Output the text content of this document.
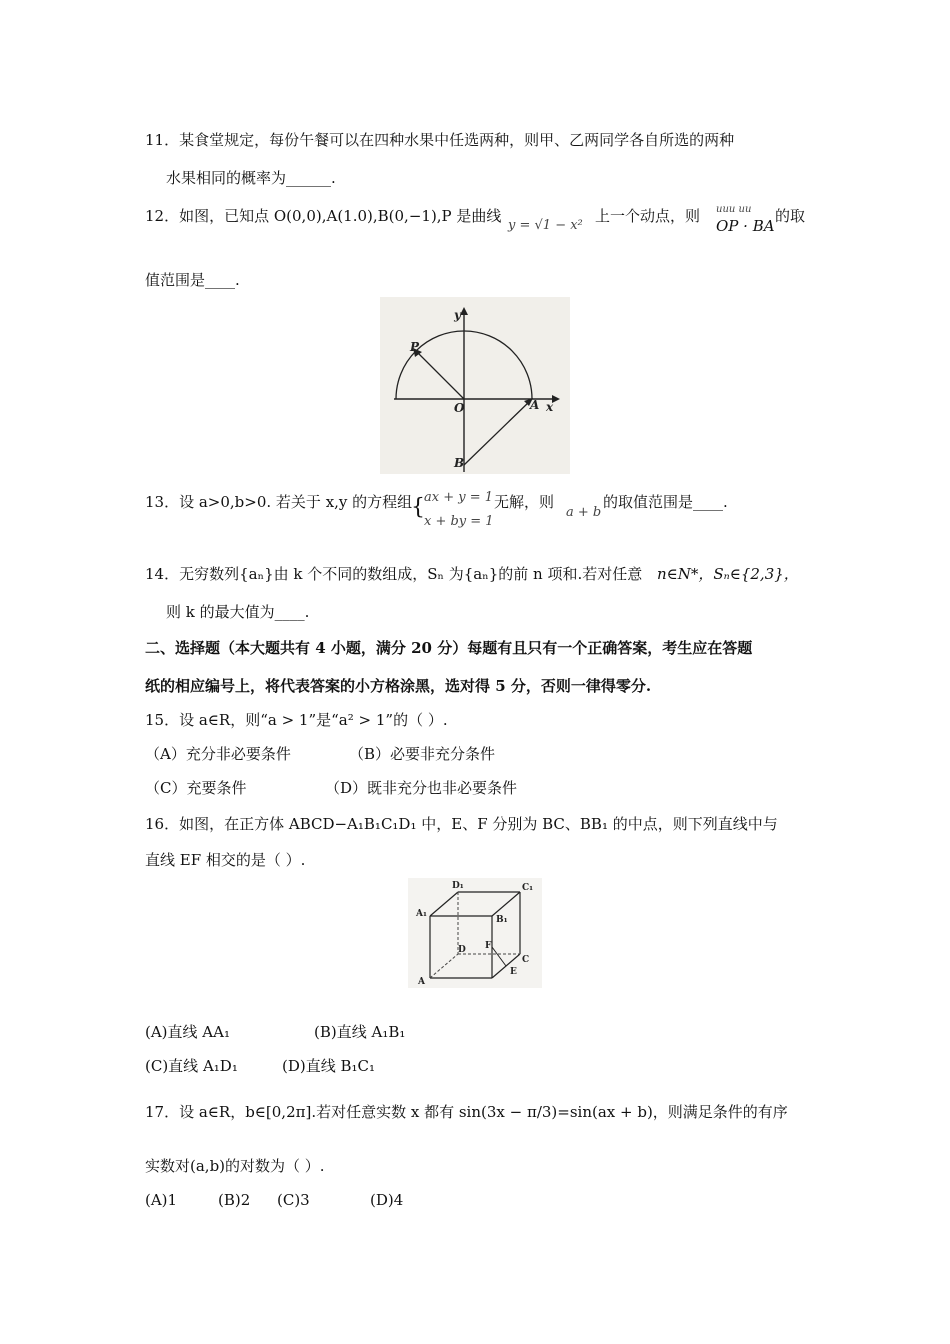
11．某食堂规定，每份午餐可以在四种水果中任选两种，则甲、乙两同学各自所选的两种
水果相同的概率为______.
12．如图，已知点 O(0,0),A(1.0),B(0,−1),P 是曲线
y = √1 − x²
上一个动点，则 uuu uu
OP · BA
的取
值范围是____.
y
P
O	A x
B
13．设 a>0,b>0. 若关于 x,y 的方程组
{ ax + y = 1
x + by = 1
无解，则
a + b
的取值范围是____.
14．无穷数列{aₙ}由 k 个不同的数组成，Sₙ 为{aₙ}的前 n 项和.若对任意 n∈N*，Sₙ∈{2,3}，
则 k 的最大值为____.
二、选择题（本大题共有 4 小题，满分 20 分）每题有且只有一个正确答案，考生应在答题
纸的相应编号上，将代表答案的小方格涂黑，选对得 5 分，否则一律得零分.
15．设 a∈R，则“a > 1”是“a² > 1”的（ ）.
（A）充分非必要条件	（B）必要非充分条件
（C）充要条件	（D）既非充分也非必要条件
16．如图，在正方体 ABCD−A₁B₁C₁D₁ 中，E、F 分别为 BC、BB₁ 的中点，则下列直线中与
直线 EF 相交的是（ ）.
D₁	C₁
A₁
B₁
D F
C
E
A
(A)直线 AA₁	(B)直线 A₁B₁
(C)直线 A₁D₁	(D)直线 B₁C₁
17．设 a∈R，b∈[0,2π].若对任意实数 x 都有 sin(3x − π/3)=sin(ax + b)，则满足条件的有序
实数对(a,b)的对数为（ ）.
(A)1	(B)2 (C)3	(D)4
